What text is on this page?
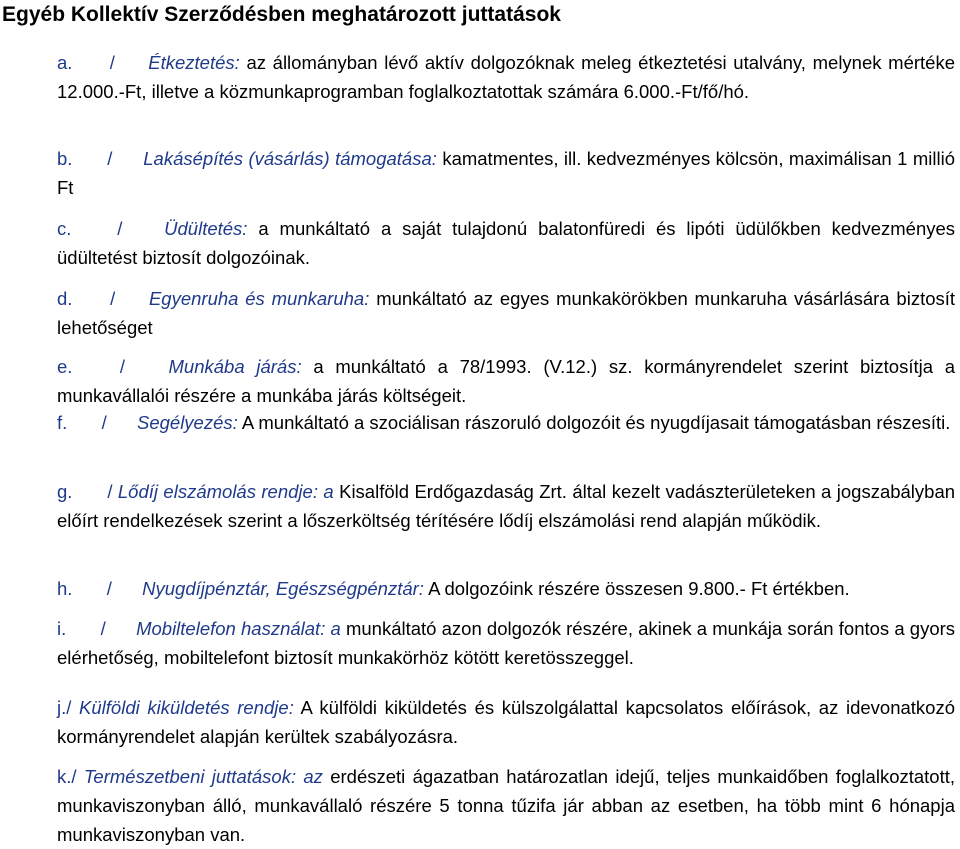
Egyéb Kollektív Szerződésben meghatározott juttatások
a. / Étkeztetés: az állományban lévő aktív dolgozóknak meleg étkeztetési utalvány, melynek mértéke 12.000.-Ft, illetve a közmunkaprogramban foglalkoztatottak számára 6.000.-Ft/fő/hó.
b. / Lakásépítés (vásárlás) támogatása: kamatmentes, ill. kedvezményes kölcsön, maximálisan 1 millió Ft
c. / Üdültetés: a munkáltató a saját tulajdonú balatonfüredi és lipóti üdülőkben kedvezményes üdültetést biztosít dolgozóinak.
d. / Egyenruha és munkaruha: munkáltató az egyes munkakörökben munkaruha vásárlására biztosít lehetőséget
e.	/ Munkába járás: a munkáltató a 78/1993. (V.12.) sz. kormányrendelet szerint biztosítja a munkavállalói részére a munkába járás költségeit.
f. / Segélyezés: A munkáltató a szociálisan rászoruló dolgozóit és nyugdíjasait támogatásban részesíti.
g. / Lődíj elszámolás rendje: a Kisalföld Erdőgazdaság Zrt. által kezelt vadászterületeken a jogszabályban előírt rendelkezések szerint a lőszerköltség térítésére lődíj elszámolási rend alapján működik.
h. / Nyugdíjpénztár, Egészségpénztár: A dolgozóink részére összesen 9.800.- Ft értékben.
i. / Mobiltelefon használat: a munkáltató azon dolgozók részére, akinek a munkája során fontos a gyors elérhetőség, mobiltelefont biztosít munkakörhöz kötött keretösszeggel.
j./ Külföldi kiküldetés rendje: A külföldi kiküldetés és külszolgálattal kapcsolatos előírások, az idevonatkozó kormányrendelet alapján kerültek szabályozásra.
k./ Természetbeni juttatások: az erdészeti ágazatban határozatlan idejű, teljes munkaidőben foglalkoztatott, munkaviszonyban álló, munkavállaló részére 5 tonna tűzifa jár abban az esetben, ha több mint 6 hónapja munkaviszonyban van.
